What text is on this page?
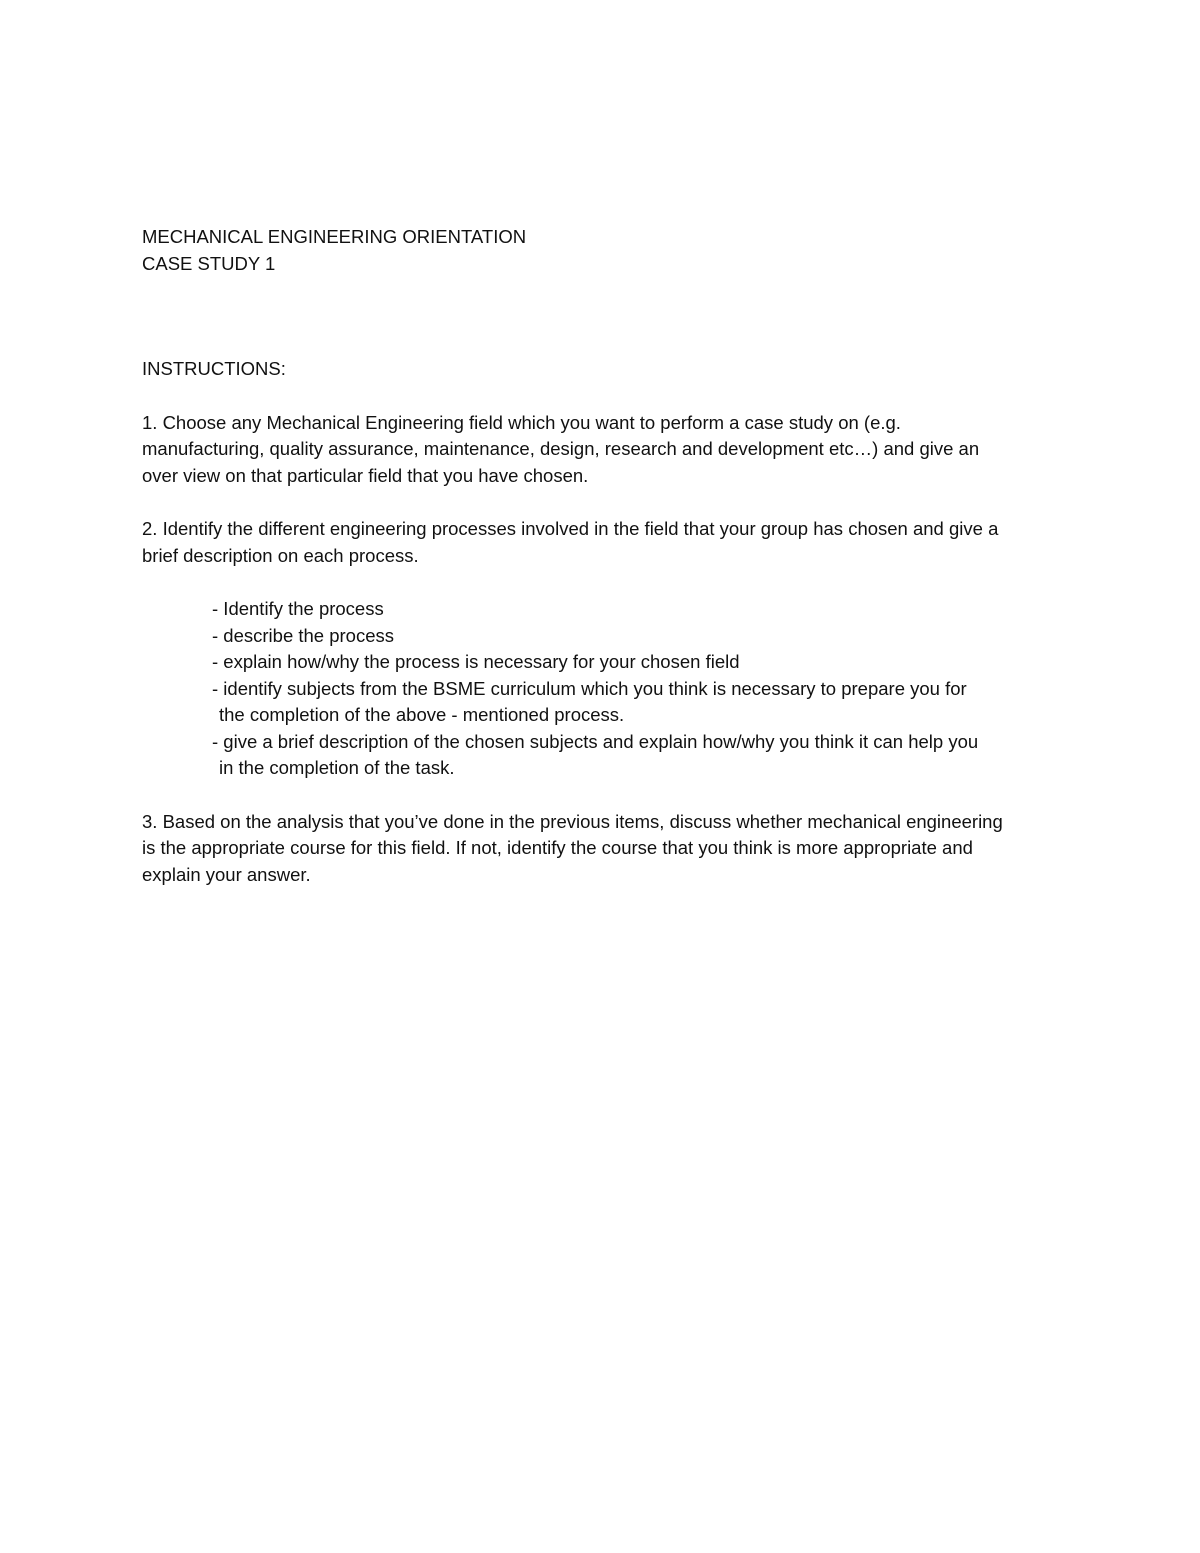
MECHANICAL ENGINEERING ORIENTATION
CASE STUDY 1
INSTRUCTIONS:
1. Choose any Mechanical Engineering field which you want to perform a case study on (e.g.
manufacturing, quality assurance, maintenance, design, research and development etc…) and give an
over view on that particular field that you have chosen.
2. Identify the different engineering processes involved in the field that your group has chosen and give a
brief description on each process.
- Identify the process
- describe the process
- explain how/why the process is necessary for your chosen field
- identify subjects from the BSME curriculum which you think is necessary to prepare you for
the completion of the above - mentioned process.
- give a brief description of the chosen subjects and explain how/why you think it can help you
in the completion of the task.
3. Based on the analysis that you’ve done in the previous items, discuss whether mechanical engineering
is the appropriate course for this field. If not, identify the course that you think is more appropriate and
explain your answer.
